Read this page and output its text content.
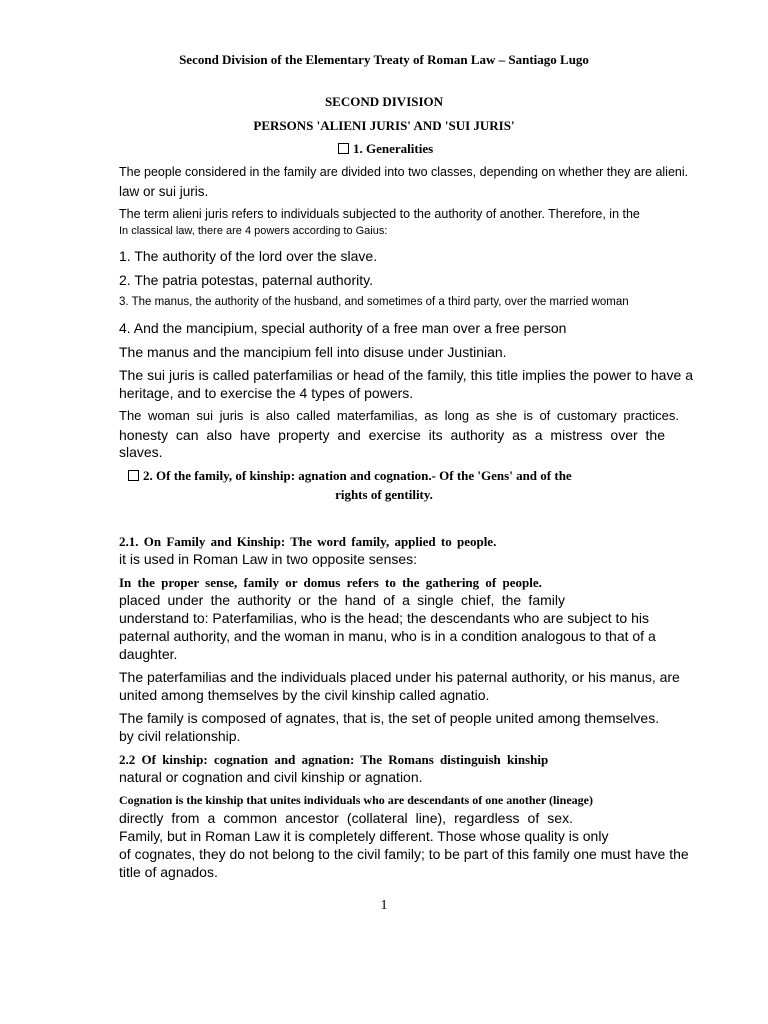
Second Division of the Elementary Treaty of Roman Law – Santiago Lugo

SECOND DIVISION

PERSONS 'ALIENI JURIS' AND 'SUI JURIS'

1. Generalities

The people considered in the family are divided into two classes, depending on whether they are alieni.

law or sui juris.

The term alieni juris refers to individuals subjected to the authority of another. Therefore, in the

In classical law, there are 4 powers according to Gaius:

1. The authority of the lord over the slave.

2. The patria potestas, paternal authority.

3. The manus, the authority of the husband, and sometimes of a third party, over the married woman

4. And the mancipium, special authority of a free man over a free person

The manus and the mancipium fell into disuse under Justinian.

The sui juris is called paterfamilias or head of the family, this title implies the power to have a

heritage, and to exercise the 4 types of powers.

The woman sui juris is also called materfamilias, as long as she is of customary practices.

honesty can also have property and exercise its authority as a mistress over the

slaves.

2. Of the family, of kinship: agnation and cognation.- Of the 'Gens' and of the

rights of gentility.

2.1. On Family and Kinship: The word family, applied to people.

it is used in Roman Law in two opposite senses:

In the proper sense, family or domus refers to the gathering of people.

placed under the authority or the hand of a single chief, the family

understand to: Paterfamilias, who is the head; the descendants who are subject to his

paternal authority, and the woman in manu, who is in a condition analogous to that of a

daughter.

The paterfamilias and the individuals placed under his paternal authority, or his manus, are

united among themselves by the civil kinship called agnatio.

The family is composed of agnates, that is, the set of people united among themselves.

by civil relationship.

2.2 Of kinship: cognation and agnation: The Romans distinguish kinship

natural or cognation and civil kinship or agnation.

Cognation is the kinship that unites individuals who are descendants of one another (lineage)

directly from a common ancestor (collateral line), regardless of sex.

Family, but in Roman Law it is completely different. Those whose quality is only

of cognates, they do not belong to the civil family; to be part of this family one must have the

title of agnados.

1
